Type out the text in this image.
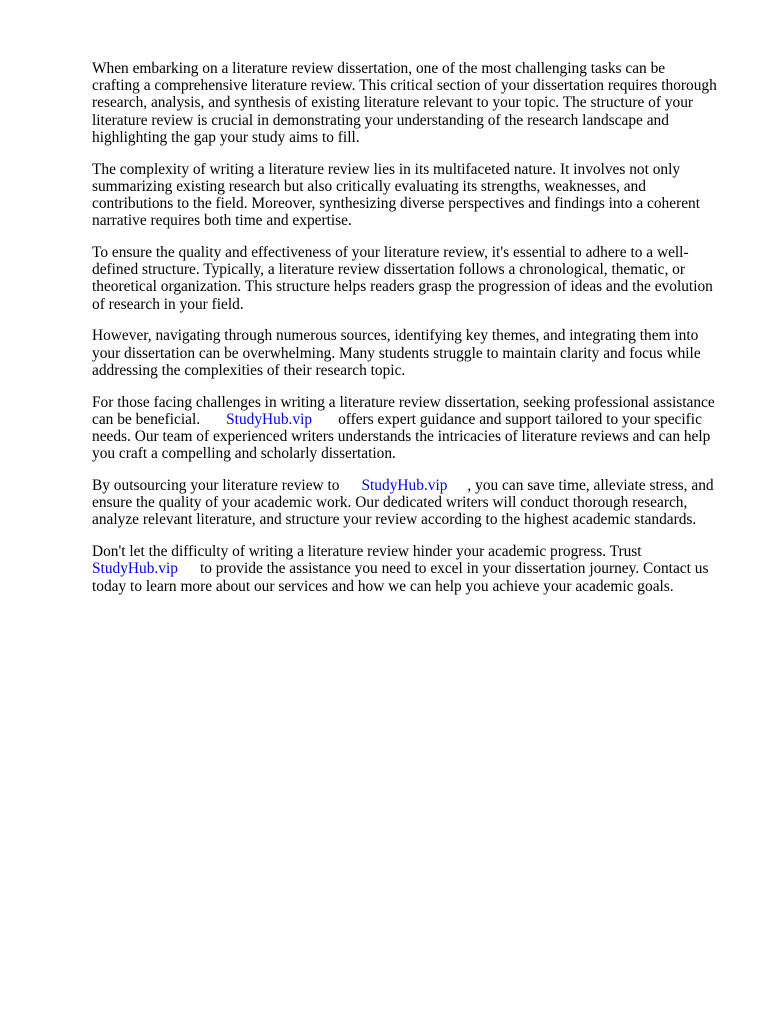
When embarking on a literature review dissertation, one of the most challenging tasks can be
crafting a comprehensive literature review. This critical section of your dissertation requires thorough
research, analysis, and synthesis of existing literature relevant to your topic. The structure of your
literature review is crucial in demonstrating your understanding of the research landscape and
highlighting the gap your study aims to fill.

The complexity of writing a literature review lies in its multifaceted nature. It involves not only
summarizing existing research but also critically evaluating its strengths, weaknesses, and
contributions to the field. Moreover, synthesizing diverse perspectives and findings into a coherent
narrative requires both time and expertise.

To ensure the quality and effectiveness of your literature review, it's essential to adhere to a well-
defined structure. Typically, a literature review dissertation follows a chronological, thematic, or
theoretical organization. This structure helps readers grasp the progression of ideas and the evolution
of research in your field.

However, navigating through numerous sources, identifying key themes, and integrating them into
your dissertation can be overwhelming. Many students struggle to maintain clarity and focus while
addressing the complexities of their research topic.

For those facing challenges in writing a literature review dissertation, seeking professional assistance
can be beneficial. StudyHub.vip offers expert guidance and support tailored to your specific
needs. Our team of experienced writers understands the intricacies of literature reviews and can help
you craft a compelling and scholarly dissertation.

By outsourcing your literature review to StudyHub.vip , you can save time, alleviate stress, and
ensure the quality of your academic work. Our dedicated writers will conduct thorough research,
analyze relevant literature, and structure your review according to the highest academic standards.

Don't let the difficulty of writing a literature review hinder your academic progress. Trust
StudyHub.vip to provide the assistance you need to excel in your dissertation journey. Contact us
today to learn more about our services and how we can help you achieve your academic goals.
